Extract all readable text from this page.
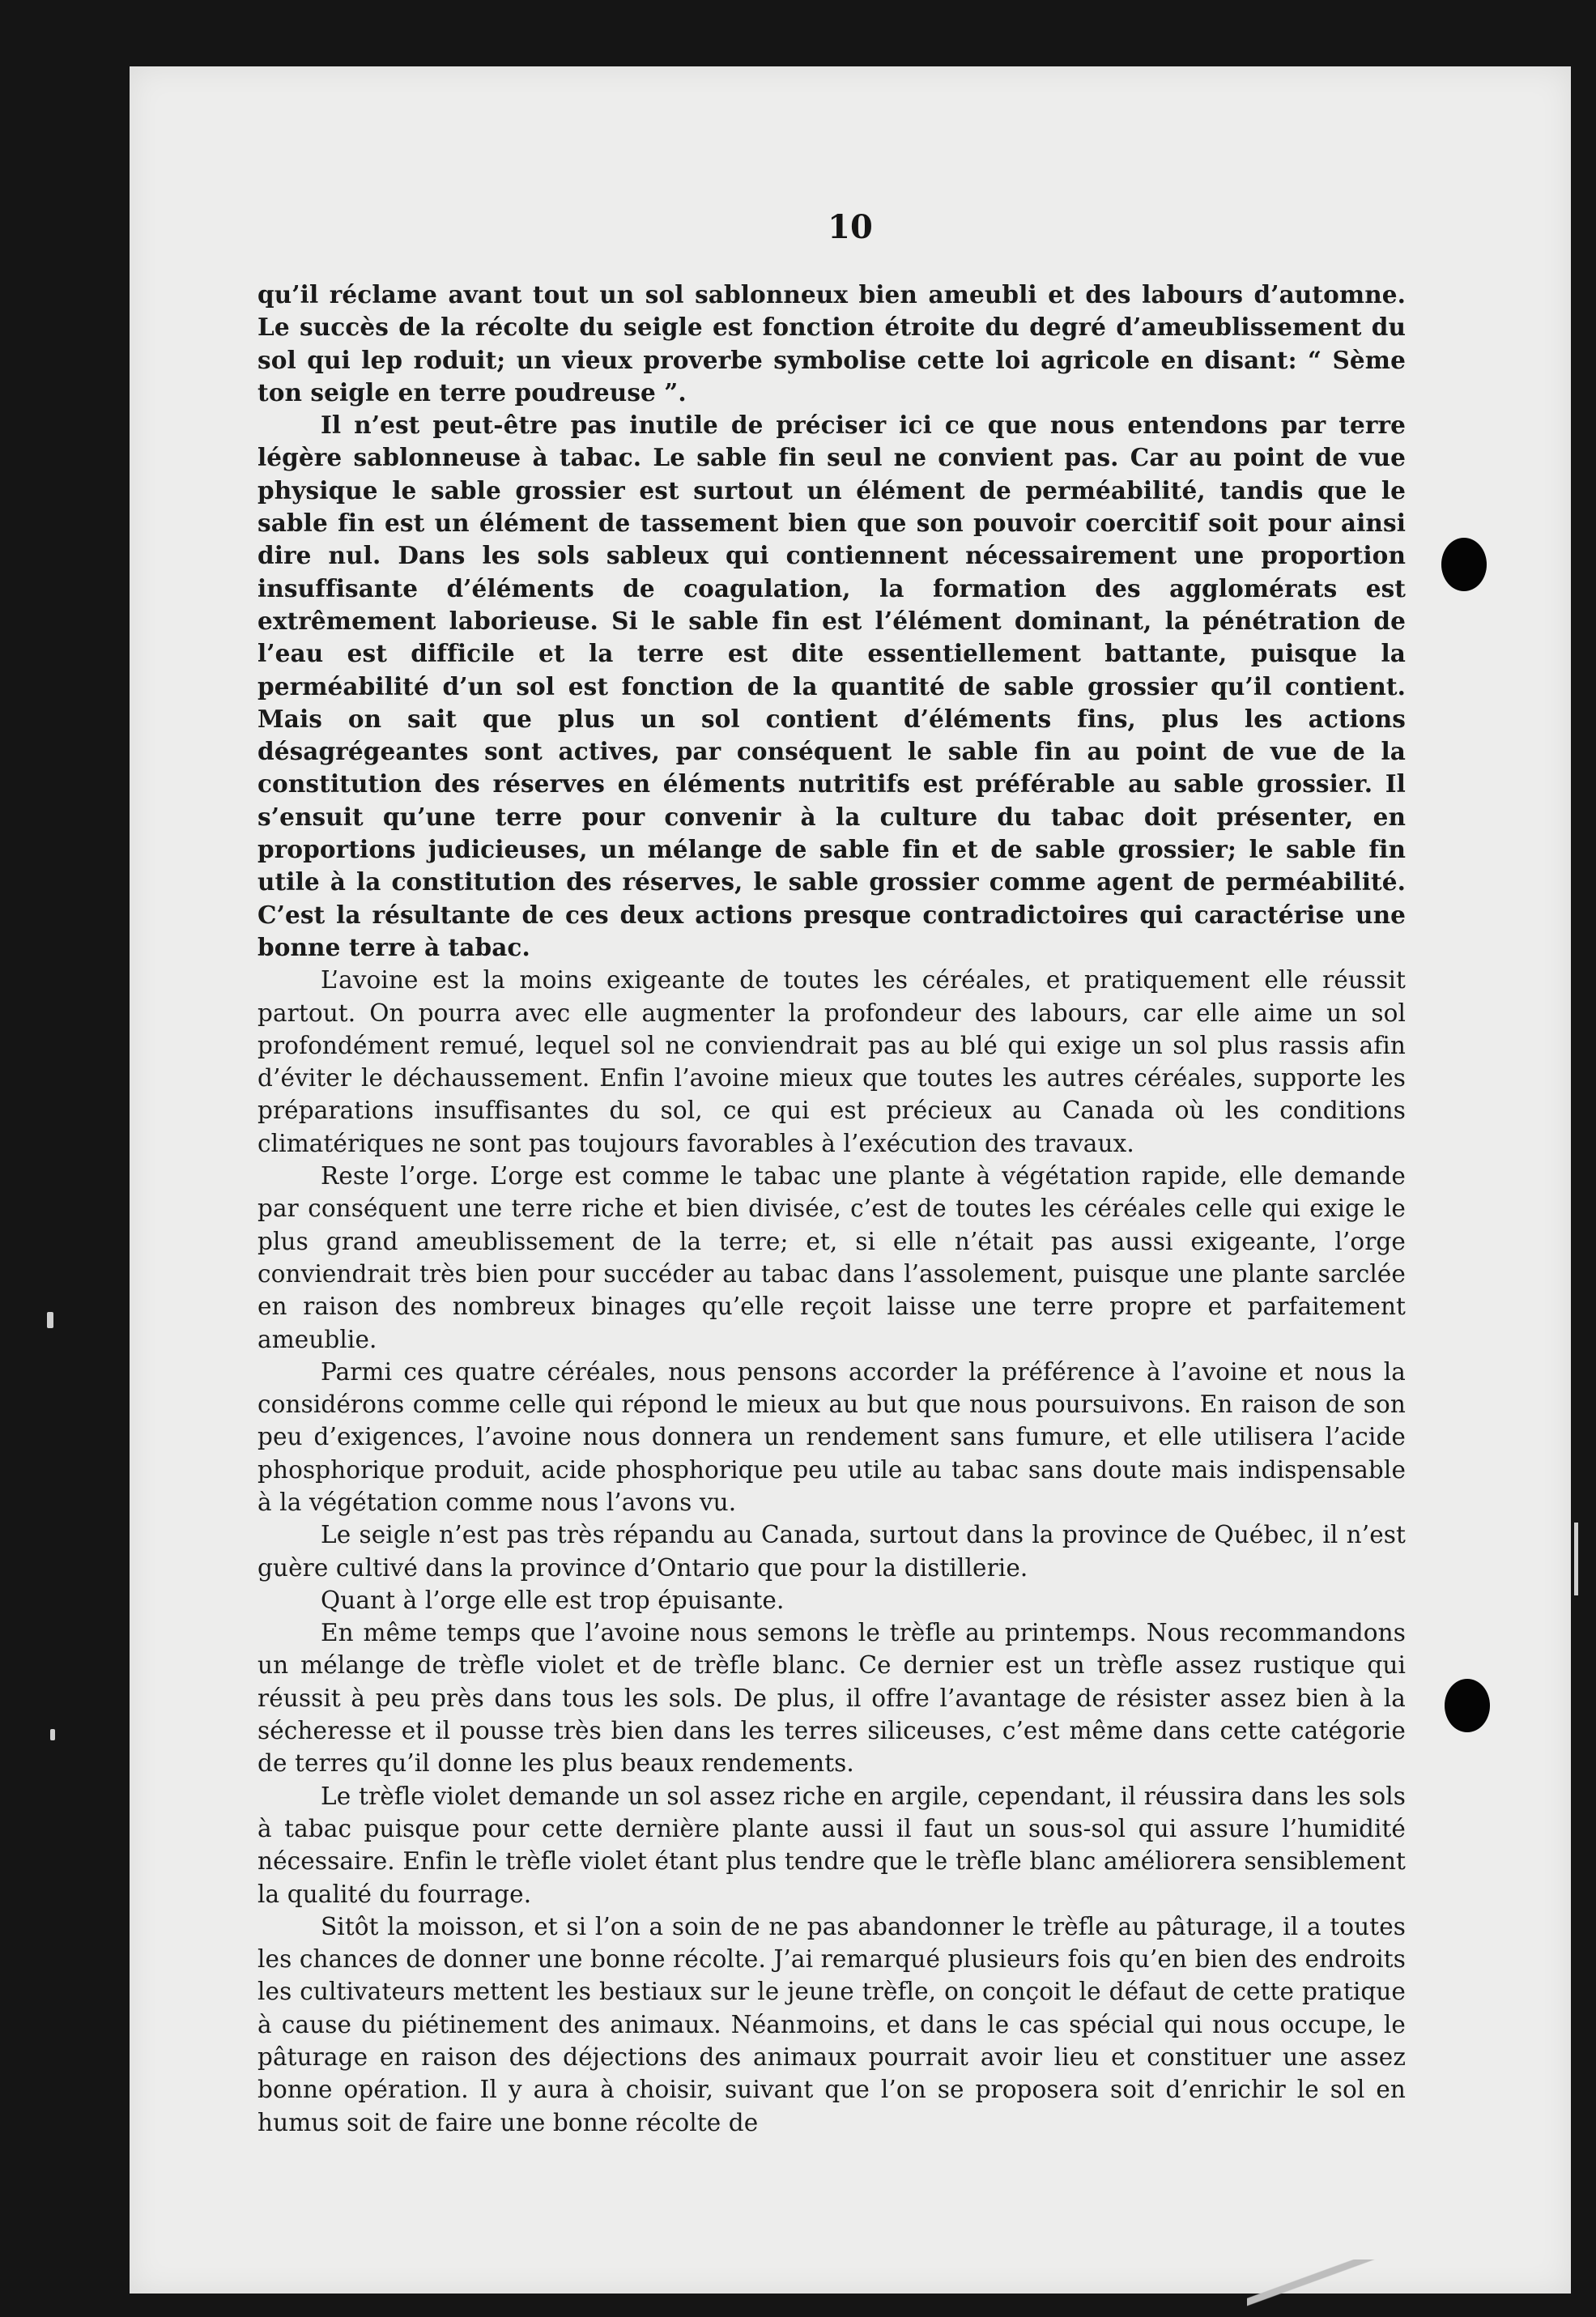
10

qu’il réclame avant tout un sol sablonneux bien ameubli et des labours d’automne. Le succès de la récolte du seigle est fonction étroite du degré d’ameublissement du sol qui lep roduit; un vieux proverbe symbolise cette loi agricole en disant: “ Sème ton seigle en terre poudreuse ”.

Il n’est peut-être pas inutile de préciser ici ce que nous entendons par terre légère sablonneuse à tabac. Le sable fin seul ne convient pas. Car au point de vue physique le sable grossier est surtout un élément de perméabilité, tandis que le sable fin est un élément de tassement bien que son pouvoir coercitif soit pour ainsi dire nul. Dans les sols sableux qui contiennent nécessairement une proportion insuffisante d’éléments de coagulation, la formation des agglomérats est extrêmement laborieuse. Si le sable fin est l’élément dominant, la pénétration de l’eau est difficile et la terre est dite essentiellement battante, puisque la perméabilité d’un sol est fonction de la quantité de sable grossier qu’il contient. Mais on sait que plus un sol contient d’éléments fins, plus les actions désagrégeantes sont actives, par conséquent le sable fin au point de vue de la constitution des réserves en éléments nutritifs est préférable au sable grossier. Il s’ensuit qu’une terre pour convenir à la culture du tabac doit présenter, en proportions judicieuses, un mélange de sable fin et de sable grossier; le sable fin utile à la constitution des réserves, le sable grossier comme agent de perméabilité. C’est la résultante de ces deux actions presque contradictoires qui caractérise une bonne terre à tabac.

L’avoine est la moins exigeante de toutes les céréales, et pratiquement elle réussit partout. On pourra avec elle augmenter la profondeur des labours, car elle aime un sol profondément remué, lequel sol ne conviendrait pas au blé qui exige un sol plus rassis afin d’éviter le déchaussement. Enfin l’avoine mieux que toutes les autres céréales, supporte les préparations insuffisantes du sol, ce qui est précieux au Canada où les conditions climatériques ne sont pas toujours favorables à l’exécution des travaux.

Reste l’orge. L’orge est comme le tabac une plante à végétation rapide, elle demande par conséquent une terre riche et bien divisée, c’est de toutes les céréales celle qui exige le plus grand ameublissement de la terre; et, si elle n’était pas aussi exigeante, l’orge conviendrait très bien pour succéder au tabac dans l’assolement, puisque une plante sarclée en raison des nombreux binages qu’elle reçoit laisse une terre propre et parfaitement ameublie.

Parmi ces quatre céréales, nous pensons accorder la préférence à l’avoine et nous la considérons comme celle qui répond le mieux au but que nous poursuivons. En raison de son peu d’exigences, l’avoine nous donnera un rendement sans fumure, et elle utilisera l’acide phosphorique produit, acide phosphorique peu utile au tabac sans doute mais indispensable à la végétation comme nous l’avons vu.

Le seigle n’est pas très répandu au Canada, surtout dans la province de Québec, il n’est guère cultivé dans la province d’Ontario que pour la distillerie.

Quant à l’orge elle est trop épuisante.

En même temps que l’avoine nous semons le trèfle au printemps. Nous recommandons un mélange de trèfle violet et de trèfle blanc. Ce dernier est un trèfle assez rustique qui réussit à peu près dans tous les sols. De plus, il offre l’avantage de résister assez bien à la sécheresse et il pousse très bien dans les terres siliceuses, c’est même dans cette catégorie de terres qu’il donne les plus beaux rendements.

Le trèfle violet demande un sol assez riche en argile, cependant, il réussira dans les sols à tabac puisque pour cette dernière plante aussi il faut un sous-sol qui assure l’humidité nécessaire. Enfin le trèfle violet étant plus tendre que le trèfle blanc améliorera sensiblement la qualité du fourrage.

Sitôt la moisson, et si l’on a soin de ne pas abandonner le trèfle au pâturage, il a toutes les chances de donner une bonne récolte. J’ai remarqué plusieurs fois qu’en bien des endroits les cultivateurs mettent les bestiaux sur le jeune trèfle, on conçoit le défaut de cette pratique à cause du piétinement des animaux. Néanmoins, et dans le cas spécial qui nous occupe, le pâturage en raison des déjections des animaux pourrait avoir lieu et constituer une assez bonne opération. Il y aura à choisir, suivant que l’on se proposera soit d’enrichir le sol en humus soit de faire une bonne récolte de
